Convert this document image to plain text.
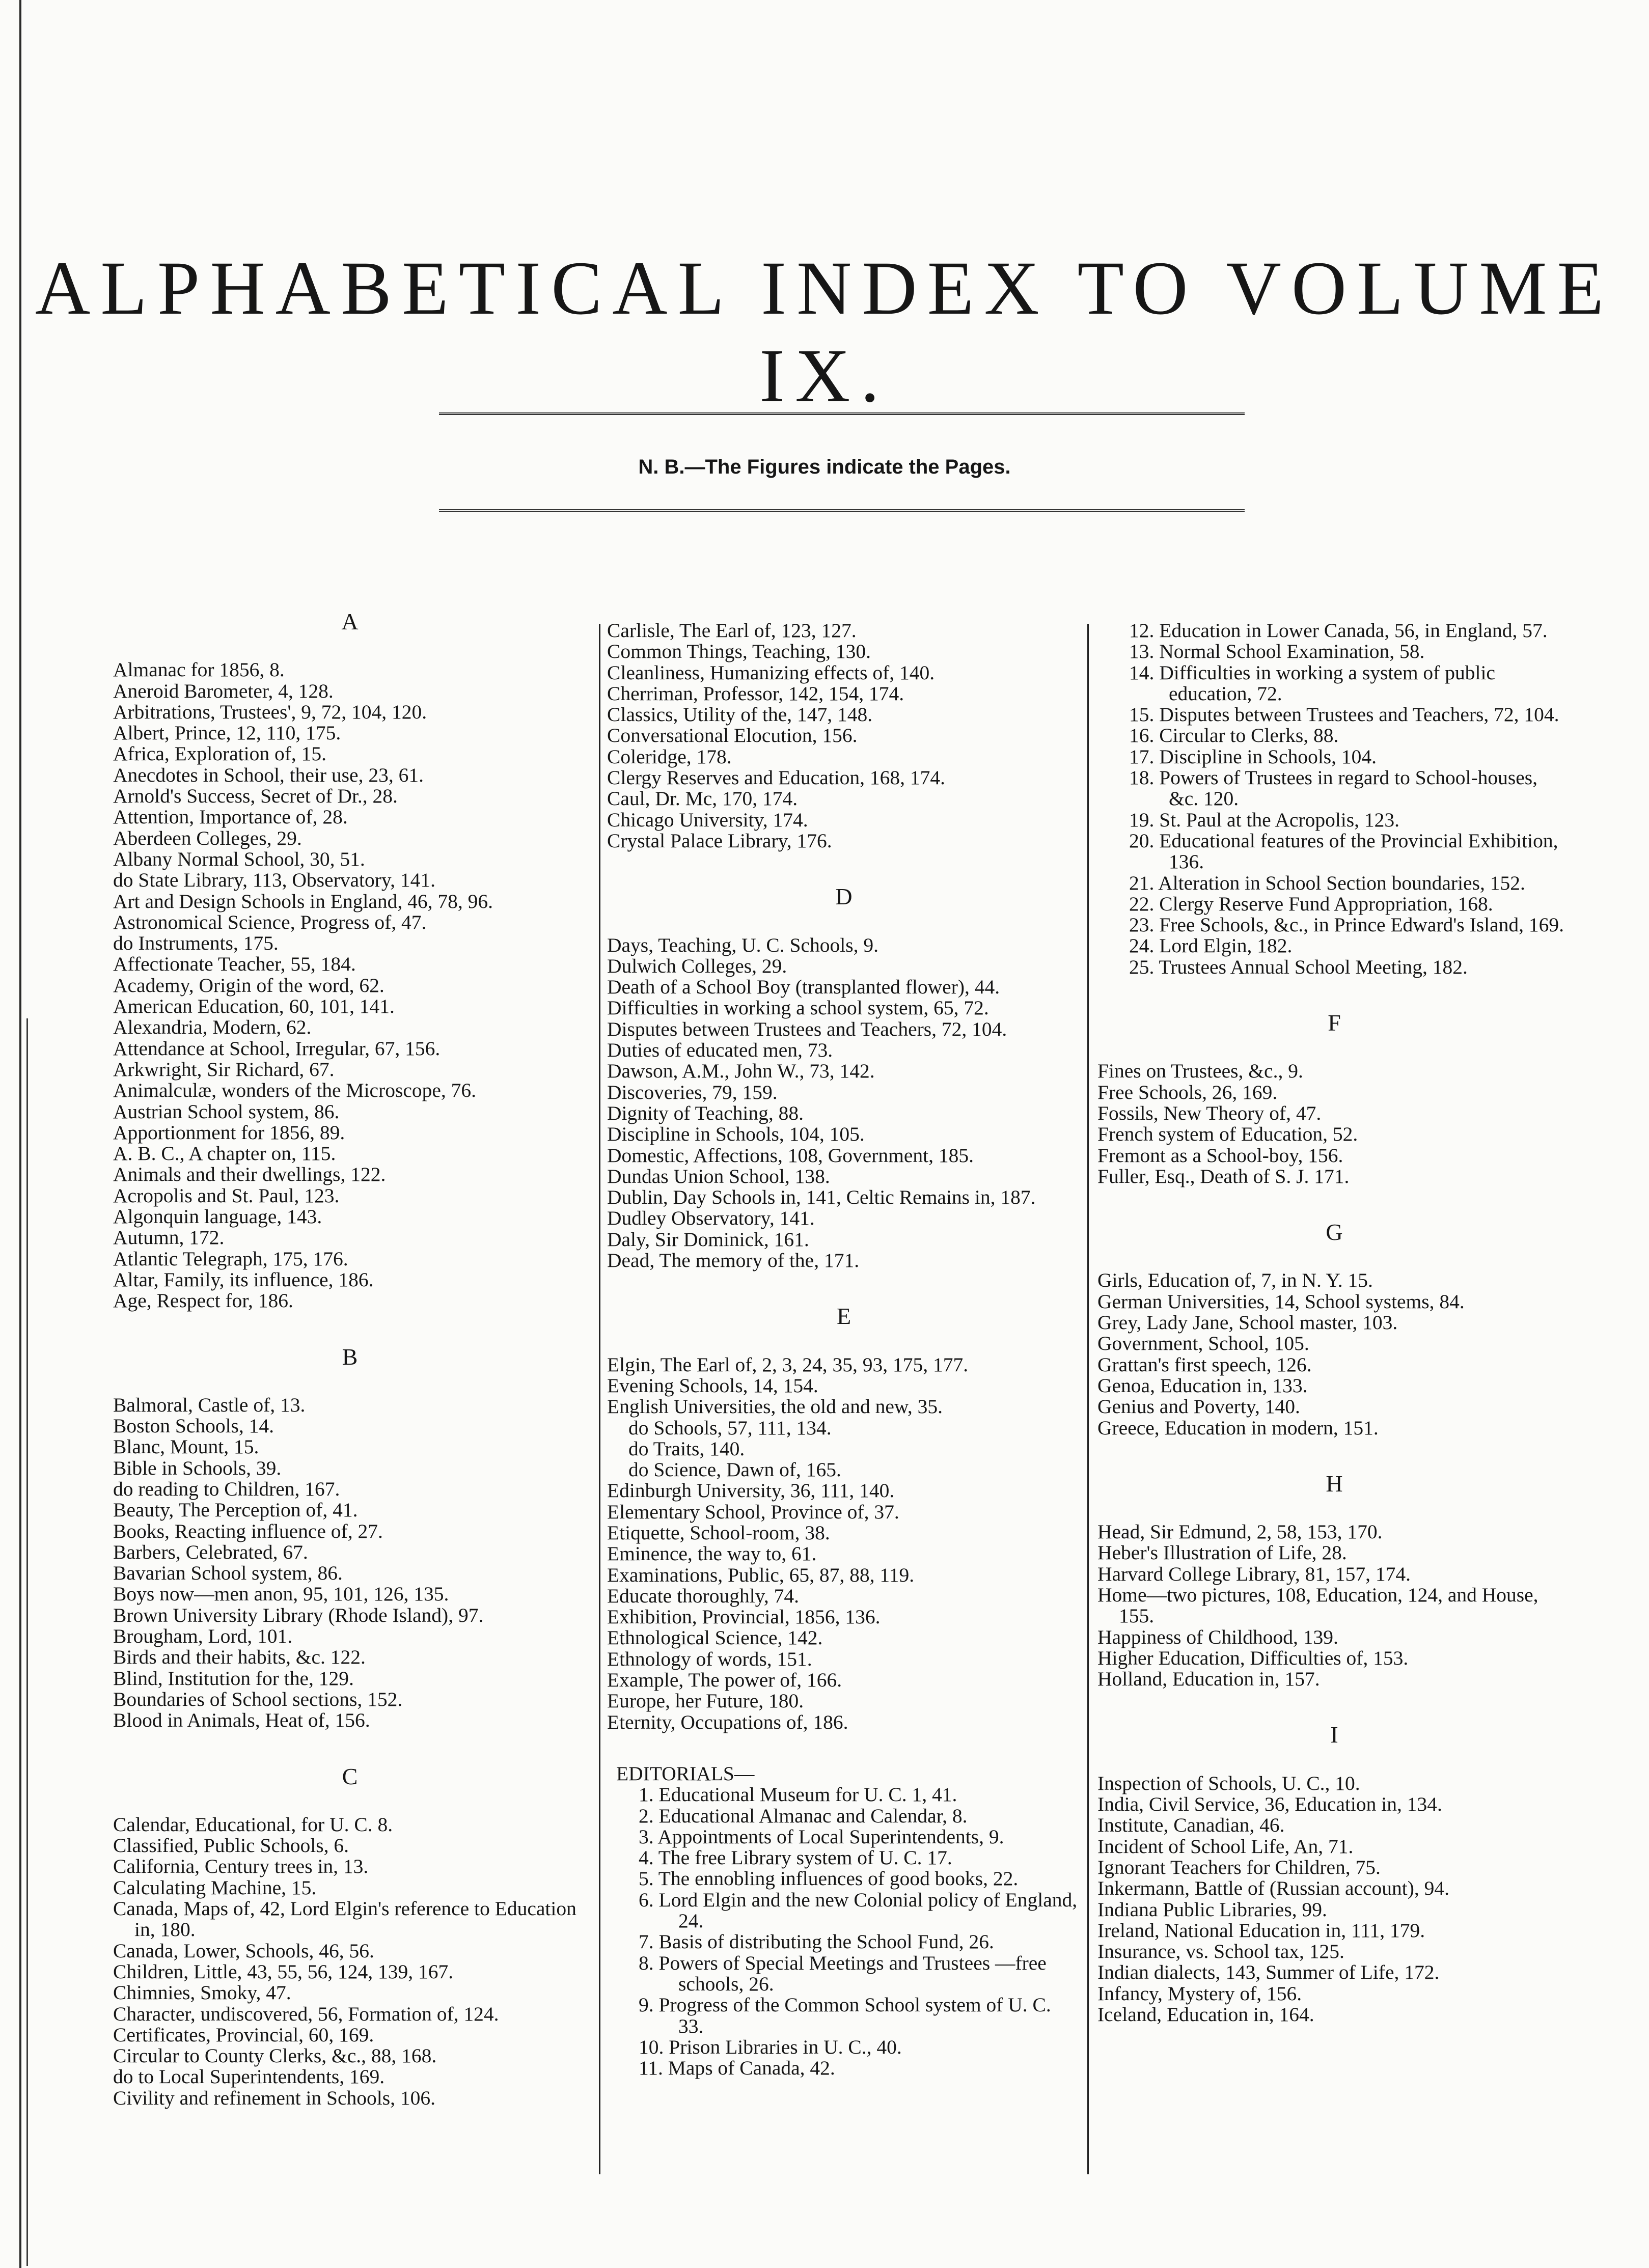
ALPHABETICAL INDEX TO VOLUME IX.
N. B.—The Figures indicate the Pages.
A
Almanac for 1856, 8.
Aneroid Barometer, 4, 128.
Arbitrations, Trustees', 9, 72, 104, 120.
Albert, Prince, 12, 110, 175.
Africa, Exploration of, 15.
Anecdotes in School, their use, 23, 61.
Arnold's Success, Secret of Dr., 28.
Attention, Importance of, 28.
Aberdeen Colleges, 29.
Albany Normal School, 30, 51.
do State Library, 113, Observatory, 141.
Art and Design Schools in England, 46, 78, 96.
Astronomical Science, Progress of, 47.
do Instruments, 175.
Affectionate Teacher, 55, 184.
Academy, Origin of the word, 62.
American Education, 60, 101, 141.
Alexandria, Modern, 62.
Attendance at School, Irregular, 67, 156.
Arkwright, Sir Richard, 67.
Animalculæ, wonders of the Microscope, 76.
Austrian School system, 86.
Apportionment for 1856, 89.
A. B. C., A chapter on, 115.
Animals and their dwellings, 122.
Acropolis and St. Paul, 123.
Algonquin language, 143.
Autumn, 172.
Atlantic Telegraph, 175, 176.
Altar, Family, its influence, 186.
Age, Respect for, 186.
B
Balmoral, Castle of, 13.
Boston Schools, 14.
Blanc, Mount, 15.
Bible in Schools, 39.
do reading to Children, 167.
Beauty, The Perception of, 41.
Books, Reacting influence of, 27.
Barbers, Celebrated, 67.
Bavarian School system, 86.
Boys now—men anon, 95, 101, 126, 135.
Brown University Library (Rhode Island), 97.
Brougham, Lord, 101.
Birds and their habits, &c. 122.
Blind, Institution for the, 129.
Boundaries of School sections, 152.
Blood in Animals, Heat of, 156.
C
Calendar, Educational, for U. C. 8.
Classified, Public Schools, 6.
California, Century trees in, 13.
Calculating Machine, 15.
Canada, Maps of, 42, Lord Elgin's reference to Education in, 180.
Canada, Lower, Schools, 46, 56.
Children, Little, 43, 55, 56, 124, 139, 167.
Chimnies, Smoky, 47.
Character, undiscovered, 56, Formation of, 124.
Certificates, Provincial, 60, 169.
Circular to County Clerks, &c., 88, 168.
do to Local Superintendents, 169.
Civility and refinement in Schools, 106.
Carlisle, The Earl of, 123, 127.
Common Things, Teaching, 130.
Cleanliness, Humanizing effects of, 140.
Cherriman, Professor, 142, 154, 174.
Classics, Utility of the, 147, 148.
Conversational Elocution, 156.
Coleridge, 178.
Clergy Reserves and Education, 168, 174.
Caul, Dr. Mc, 170, 174.
Chicago University, 174.
Crystal Palace Library, 176.
D
Days, Teaching, U. C. Schools, 9.
Dulwich Colleges, 29.
Death of a School Boy (transplanted flower), 44.
Difficulties in working a school system, 65, 72.
Disputes between Trustees and Teachers, 72, 104.
Duties of educated men, 73.
Dawson, A.M., John W., 73, 142.
Discoveries, 79, 159.
Dignity of Teaching, 88.
Discipline in Schools, 104, 105.
Domestic, Affections, 108, Government, 185.
Dundas Union School, 138.
Dublin, Day Schools in, 141, Celtic Remains in, 187.
Dudley Observatory, 141.
Daly, Sir Dominick, 161.
Dead, The memory of the, 171.
E
Elgin, The Earl of, 2, 3, 24, 35, 93, 175, 177.
Evening Schools, 14, 154.
English Universities, the old and new, 35.
do Schools, 57, 111, 134.
do Traits, 140.
do Science, Dawn of, 165.
Edinburgh University, 36, 111, 140.
Elementary School, Province of, 37.
Etiquette, School-room, 38.
Eminence, the way to, 61.
Examinations, Public, 65, 87, 88, 119.
Educate thoroughly, 74.
Exhibition, Provincial, 1856, 136.
Ethnological Science, 142.
Ethnology of words, 151.
Example, The power of, 166.
Europe, her Future, 180.
Eternity, Occupations of, 186.
EDITORIALS—
1. Educational Museum for U. C. 1, 41.
2. Educational Almanac and Calendar, 8.
3. Appointments of Local Superintendents, 9.
4. The free Library system of U. C. 17.
5. The ennobling influences of good books, 22.
6. Lord Elgin and the new Colonial policy of England, 24.
7. Basis of distributing the School Fund, 26.
8. Powers of Special Meetings and Trustees —free schools, 26.
9. Progress of the Common School system of U. C. 33.
10. Prison Libraries in U. C., 40.
11. Maps of Canada, 42.
12. Education in Lower Canada, 56, in England, 57.
13. Normal School Examination, 58.
14. Difficulties in working a system of public education, 72.
15. Disputes between Trustees and Teachers, 72, 104.
16. Circular to Clerks, 88.
17. Discipline in Schools, 104.
18. Powers of Trustees in regard to School-houses, &c. 120.
19. St. Paul at the Acropolis, 123.
20. Educational features of the Provincial Exhibition, 136.
21. Alteration in School Section boundaries, 152.
22. Clergy Reserve Fund Appropriation, 168.
23. Free Schools, &c., in Prince Edward's Island, 169.
24. Lord Elgin, 182.
25. Trustees Annual School Meeting, 182.
F
Fines on Trustees, &c., 9.
Free Schools, 26, 169.
Fossils, New Theory of, 47.
French system of Education, 52.
Fremont as a School-boy, 156.
Fuller, Esq., Death of S. J. 171.
G
Girls, Education of, 7, in N. Y. 15.
German Universities, 14, School systems, 84.
Grey, Lady Jane, School master, 103.
Government, School, 105.
Grattan's first speech, 126.
Genoa, Education in, 133.
Genius and Poverty, 140.
Greece, Education in modern, 151.
H
Head, Sir Edmund, 2, 58, 153, 170.
Heber's Illustration of Life, 28.
Harvard College Library, 81, 157, 174.
Home—two pictures, 108, Education, 124, and House, 155.
Happiness of Childhood, 139.
Higher Education, Difficulties of, 153.
Holland, Education in, 157.
I
Inspection of Schools, U. C., 10.
India, Civil Service, 36, Education in, 134.
Institute, Canadian, 46.
Incident of School Life, An, 71.
Ignorant Teachers for Children, 75.
Inkermann, Battle of (Russian account), 94.
Indiana Public Libraries, 99.
Ireland, National Education in, 111, 179.
Insurance, vs. School tax, 125.
Indian dialects, 143, Summer of Life, 172.
Infancy, Mystery of, 156.
Iceland, Education in, 164.
